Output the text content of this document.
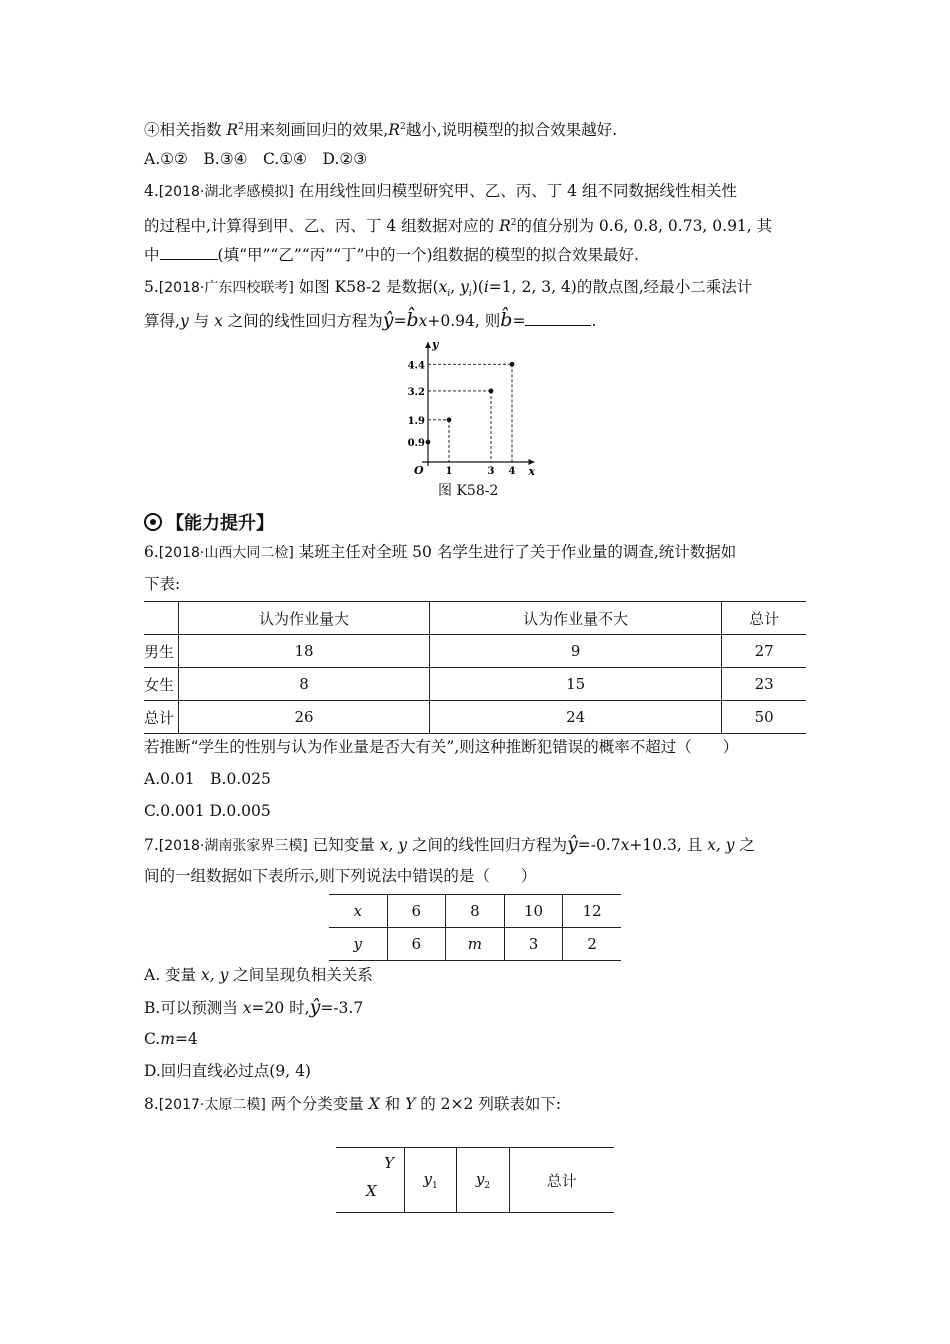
④相关指数 $R^2$用来刻画回归的效果$,R^2$越小,说明模型的拟合效果越好.
A.①②　B.③④　C.①④　D.②③
4.[2018·湖北孝感模拟] 在用线性回归模型研究甲、乙、丙、丁 4 组不同数据线性相关性
的过程中,计算得到甲、乙、丙、丁 4 组数据对应的 $R^2$的值分别为 0.6, 0.8, 0.73, 0.91, 其
中	(填“甲”“乙”“丙”“丁”中的一个)组数据的模型的拟合效果最好.
5.[2018·广东四校联考] 如图 K58-2 是数据($x_i$, $y_i)(i=1$, 2, 3, 4)的散点图,经最小二乘法计
算得,y 与 x 之间的线性回归方程为ŷ=b̂x+0.94, 则b̂=	.
x
y
O
0.9
1.9
3.2
4.4
1	3 4
图 K58-2
【能力提升】
6.[2018·山西大同二检] 某班主任对全班 50 名学生进行了关于作业量的调查,统计数据如
下表:
	认为作业量大	认为作业量不大	总计
男生	18	9	27
女生	8	15	23
总计	26	24	50
若推断“学生的性别与认为作业量是否大有关”,则这种推断犯错误的概率不超过（　　）
A.0.01　B.0.025
C.0.001 D.0.005
7.[2018·湖南张家界三模] 已知变量 x, y 之间的线性回归方程为ŷ=-0.7x+10.3, 且 x, y 之
间的一组数据如下表所示,则下列说法中错误的是（　　）
x	6	8	10	12
y	6	m	3	2
A. 变量 x, y 之间呈现负相关关系
B.可以预测当 x=20 时,ŷ=-3.7
C.m=4
D.回归直线必过点(9, 4)
8.[2017·太原二模] 两个分类变量 X 和 Y 的 2×2 列联表如下:
Y
X
	$y_1$	$y_2$	总计
